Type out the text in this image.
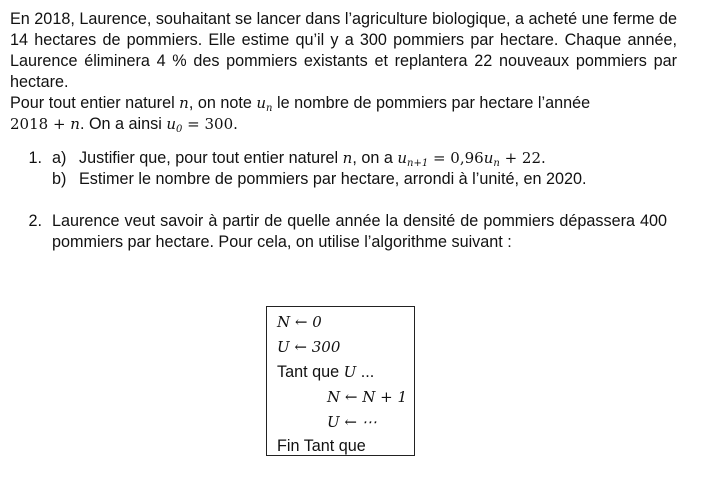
En 2018, Laurence, souhaitant se lancer dans l’agriculture biologique, a acheté une ferme de 14 hectares de pommiers. Elle estime qu’il y a 300 pommiers par hectare. Chaque année, Laurence éliminera 4 % des pommiers existants et replantera 22 nouveaux pommiers par hectare.
Pour tout entier naturel n, on note $u_n$ le nombre de pommiers par hectare l’année
2018 + n. On a ainsi $u_0 = 300$.

1. a) Justifier que, pour tout entier naturel n, on a $u_{n+1} = 0,96u_n + 22$.
b) Estimer le nombre de pommiers par hectare, arrondi à l’unité, en 2020.
2. Laurence veut savoir à partir de quelle année la densité de pommiers dépassera 400 pommiers par hectare. Pour cela, on utilise l’algorithme suivant :
N ← 0
U ← 300
Tant que U ...
N ← N + 1
U ← ⋯
Fin Tant que
